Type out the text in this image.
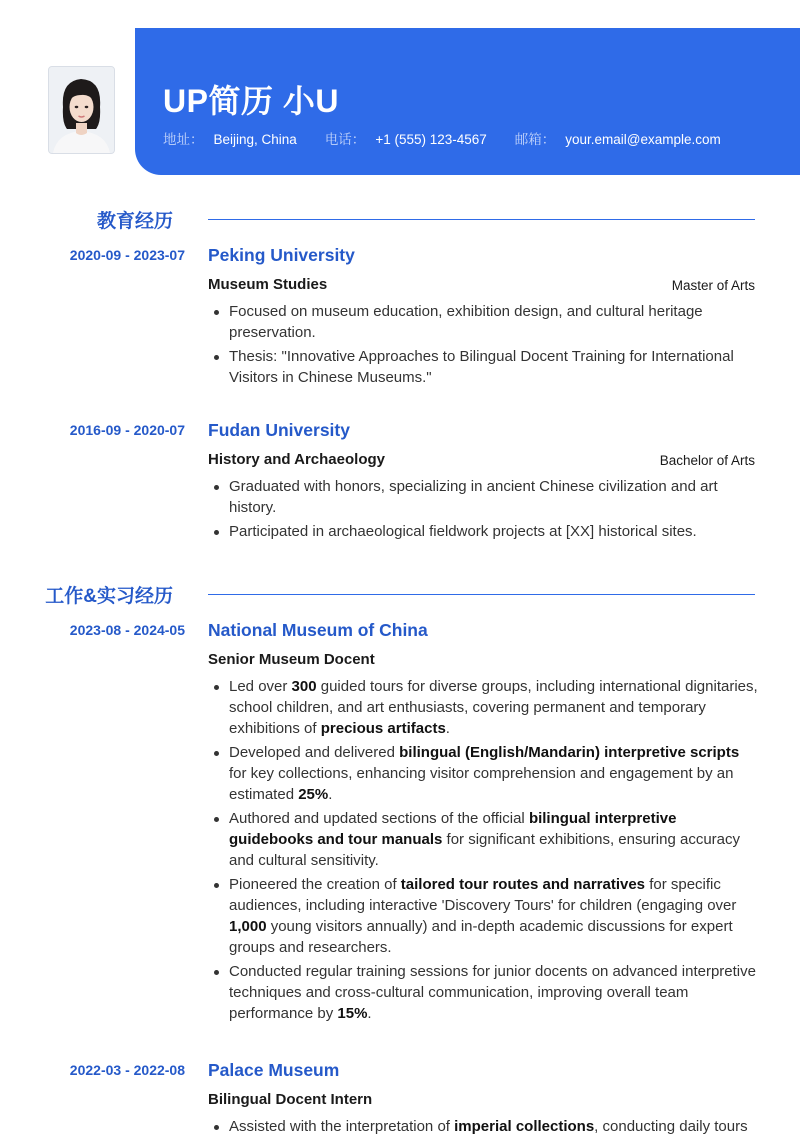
UP简历 小U
地址： Beijing, China 电话： +1 (555) 123-4567 邮箱： your.email@example.com
教育经历
2020-09 - 2023-07 Peking University
Museum Studies	Master of Arts
Focused on museum education, exhibition design, and cultural heritage preservation.
Thesis: "Innovative Approaches to Bilingual Docent Training for International Visitors in Chinese Museums."
2016-09 - 2020-07 Fudan University
History and Archaeology	Bachelor of Arts
Graduated with honors, specializing in ancient Chinese civilization and art history.
Participated in archaeological fieldwork projects at [XX] historical sites.
工作&实习经历
2023-08 - 2024-05 National Museum of China
Senior Museum Docent
Led over 300 guided tours for diverse groups, including international dignitaries, school children, and art enthusiasts, covering permanent and temporary exhibitions of precious artifacts.
Developed and delivered bilingual (English/Mandarin) interpretive scripts for key collections, enhancing visitor comprehension and engagement by an estimated 25%.
Authored and updated sections of the official bilingual interpretive guidebooks and tour manuals for significant exhibitions, ensuring accuracy and cultural sensitivity.
Pioneered the creation of tailored tour routes and narratives for specific audiences, including interactive 'Discovery Tours' for children (engaging over 1,000 young visitors annually) and in-depth academic discussions for expert groups and researchers.
Conducted regular training sessions for junior docents on advanced interpretive techniques and cross-cultural communication, improving overall team performance by 15%.
2022-03 - 2022-08 Palace Museum
Bilingual Docent Intern
Assisted with the interpretation of imperial collections, conducting daily tours
